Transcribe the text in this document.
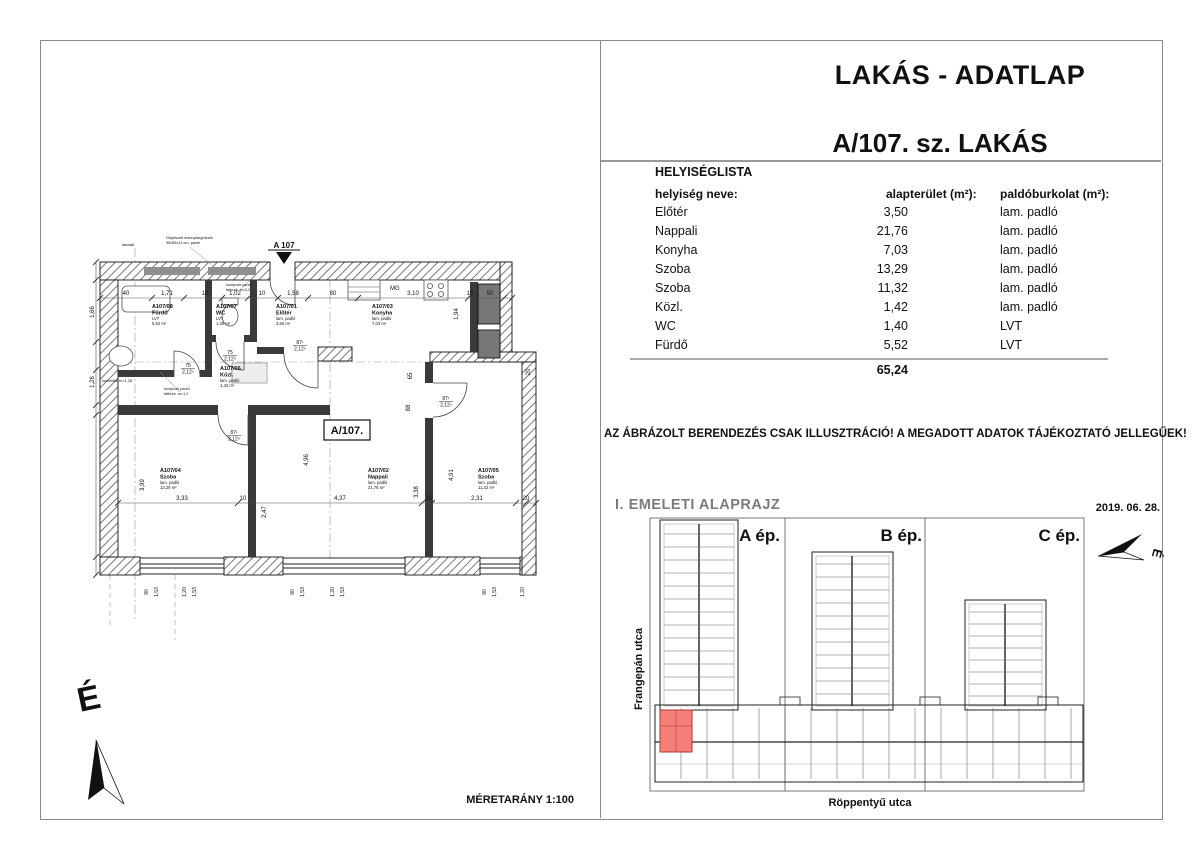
LAKÁS - ADATLAP
A/107. sz. LAKÁS
HELYISÉGLISTA
helyiség neve:	alapterület (m²): paldóburkolat (m²):
Előtér	3,50	lam. padló
Nappali	21,76	lam. padló
Konyha	7,03	lam. padló
Szoba	13,29	lam. padló
Szoba	11,32	lam. padló
Közl.	1,42	lam. padló
WC	1,40	LVT
Fürdő	5,52	LVT
65,24
AZ ÁBRÁZOLT BERENDEZÉS CSAK ILLUSZTRÁCIÓ! A MEGADOTT ADATOK TÁJÉKOZTATÓ JELLEGŰEK!
I. EMELETI ALAPRAJZ	2019. 06. 28.
A 107
A/107.
É
MÉRETARÁNY 1:100
40	1,71	10	1,02	10	1,58	80	3,10	10 50
3,33	10	4,37	10	2,31	20
1,66
1,26
3,99
4,96
2,47
3,38
4,91
88
65
1,94
20
90 1,53	1,20 1,53	90 1,53	1,20 1,53	90 1,53	1,20
A107/08
Fürdő
LVT
5,52 m²
A107/07
WC
LVT
1,40 m²
A107/01
Előtér
lam. padló
3,50 m²
A107/06
Közl.
lam. padló
1,42 m²
A107/03
Konyha
lam. padló
7,03 m²
A107/04
Szoba
lam. padló
13,29 m²
A107/02
Nappali
lam. padló
21,76 m²
A107/05
Szoba
lam. padló
11,32 m²
75
2,12⁵
75
2,12⁵
87¹
2,12⁵
87¹
2,12⁵
87¹
2,12⁵
fatusak
Gépészeti mennyiségmérés
95x55x13 cm, panel
kompozit panel
fatburk. m=2,0
kompozit panel
fatburk. m=1,2
szerelőfal m=1,28
MG
A ép.	B ép.	C ép.
Frangepán utca
Röppentyű utca
É
